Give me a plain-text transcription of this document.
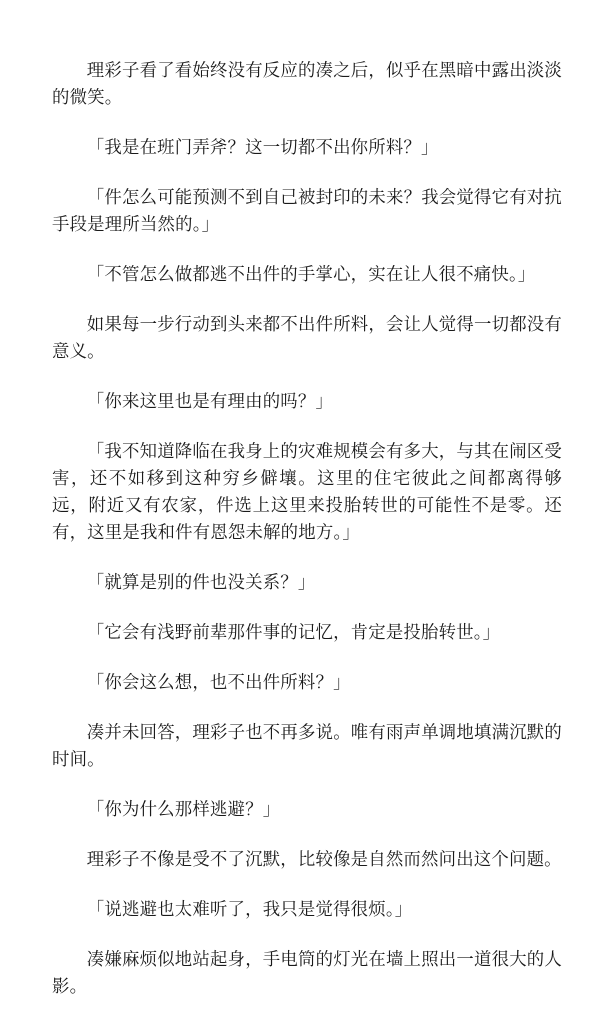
理彩子看了看始终没有反应的凑之后，似乎在黑暗中露出淡淡的微笑。

「我是在班门弄斧？这一切都不出你所料？」

「件怎么可能预测不到自己被封印的未来？我会觉得它有对抗手段是理所当然的。」

「不管怎么做都逃不出件的手掌心，实在让人很不痛快。」

如果每一步行动到头来都不出件所料，会让人觉得一切都没有意义。

「你来这里也是有理由的吗？」

「我不知道降临在我身上的灾难规模会有多大，与其在闹区受害，还不如移到这种穷乡僻壤。这里的住宅彼此之间都离得够远，附近又有农家，件选上这里来投胎转世的可能性不是零。还有，这里是我和件有恩怨未解的地方。」

「就算是别的件也没关系？」

「它会有浅野前辈那件事的记忆，肯定是投胎转世。」

「你会这么想，也不出件所料？」

凑并未回答，理彩子也不再多说。唯有雨声单调地填满沉默的时间。

「你为什么那样逃避？」

理彩子不像是受不了沉默，比较像是自然而然问出这个问题。

「说逃避也太难听了，我只是觉得很烦。」

凑嫌麻烦似地站起身，手电筒的灯光在墙上照出一道很大的人影。
